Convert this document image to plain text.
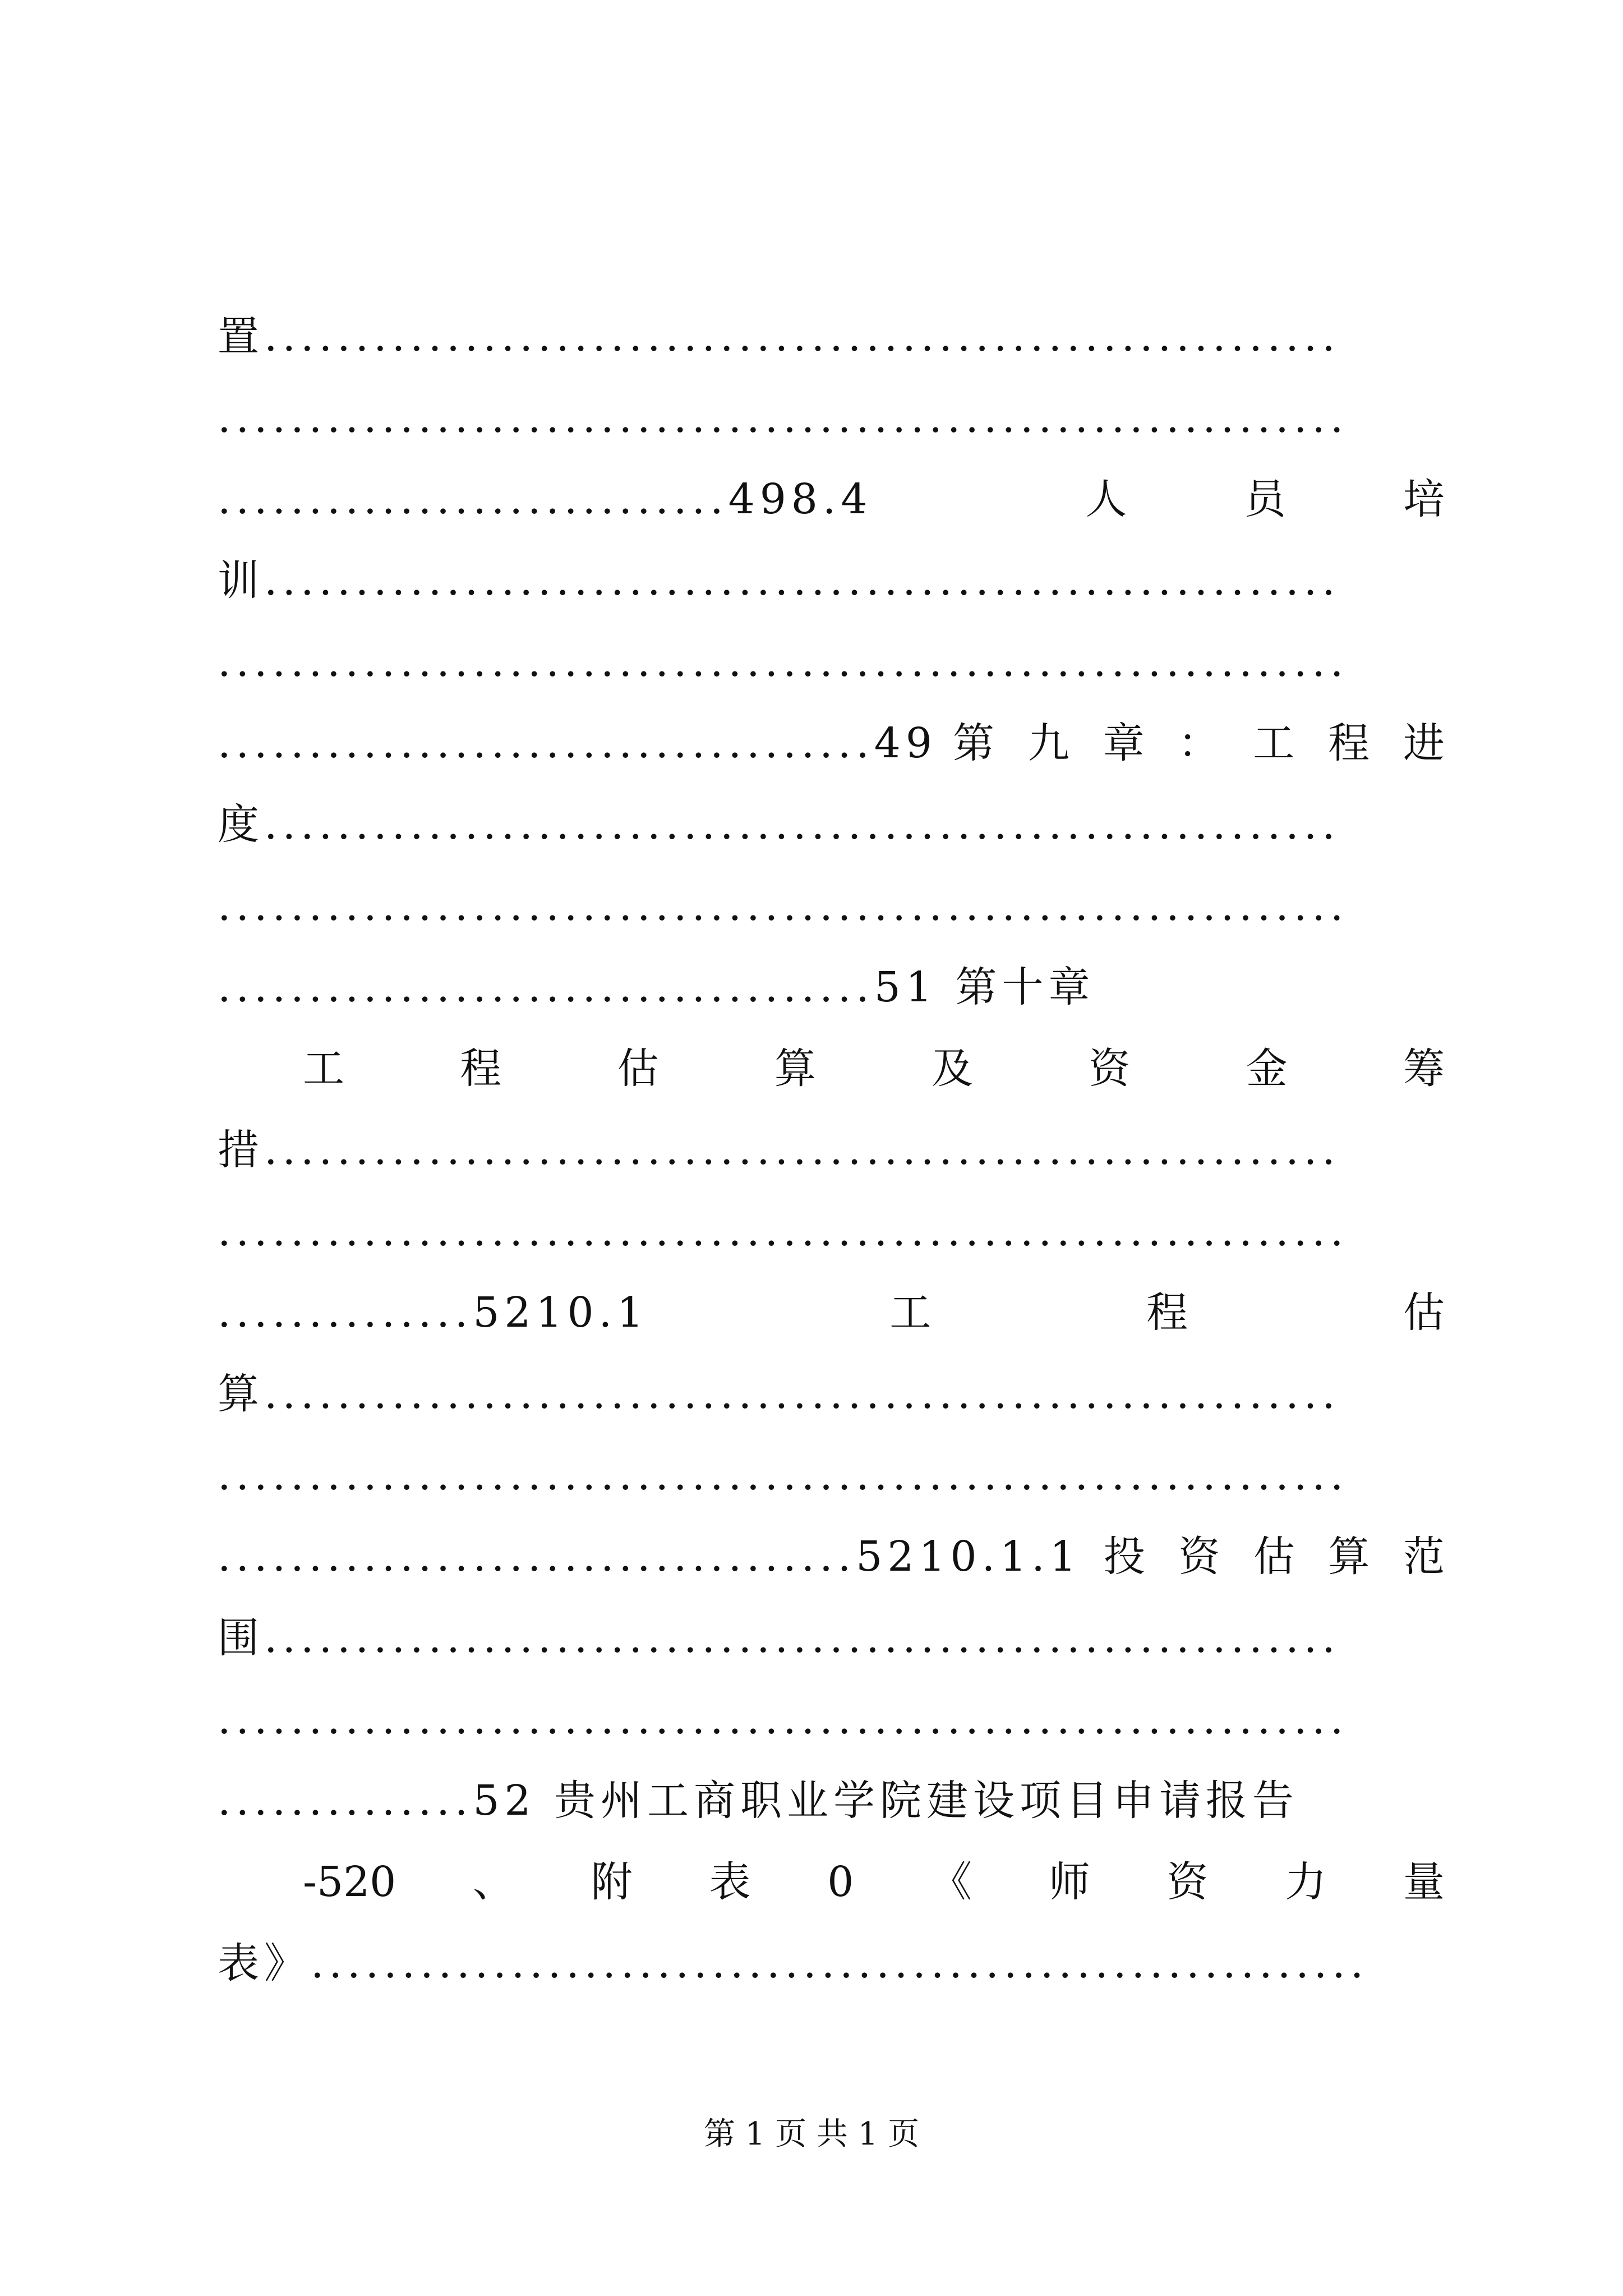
置...........................................................
..............................................................
............................498.4	人	员	培
训...........................................................
..............................................................
....................................49 第 九 章 ： 工 程 进
度...........................................................
..............................................................
....................................51 第十章
工	程	估	算	及	资	金	筹
措...........................................................
..............................................................
..............5210.1	工	程	估
算...........................................................
..............................................................
...................................5210.1.1 投 资 估 算 范
围...........................................................
..............................................................
..............52 贵州工商职业学院建设项目申请报告
-520 、 附 表 0 《 师 资 力 量
表》..........................................................
第 1 页 共 1 页
